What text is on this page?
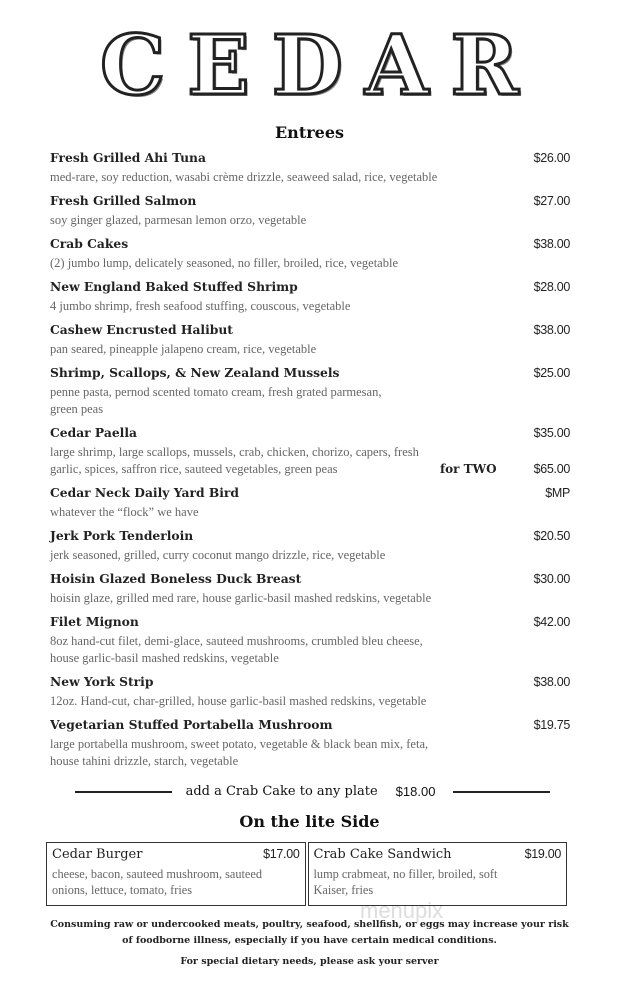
CEDAR
Entrees
Fresh Grilled Ahi Tuna	$26.00
med-rare, soy reduction, wasabi crème drizzle, seaweed salad, rice, vegetable
Fresh Grilled Salmon	$27.00
soy ginger glazed, parmesan lemon orzo, vegetable
Crab Cakes	$38.00
(2) jumbo lump, delicately seasoned, no filler, broiled, rice, vegetable
New England Baked Stuffed Shrimp	$28.00
4 jumbo shrimp, fresh seafood stuffing, couscous, vegetable
Cashew Encrusted Halibut	$38.00
pan seared, pineapple jalapeno cream, rice, vegetable
Shrimp, Scallops, & New Zealand Mussels	$25.00
penne pasta, pernod scented tomato cream, fresh grated parmesan,
green peas
Cedar Paella	$35.00
large shrimp, large scallops, mussels, crab, chicken, chorizo, capers, fresh
garlic, spices, saffron rice, sauteed vegetables, green peas	for TWO	$65.00
Cedar Neck Daily Yard Bird	$MP
whatever the “flock” we have
Jerk Pork Tenderloin	$20.50
jerk seasoned, grilled, curry coconut mango drizzle, rice, vegetable
Hoisin Glazed Boneless Duck Breast	$30.00
hoisin glaze, grilled med rare, house garlic-basil mashed redskins, vegetable
Filet Mignon	$42.00
8oz hand-cut filet, demi-glace, sauteed mushrooms, crumbled bleu cheese,
house garlic-basil mashed redskins, vegetable
New York Strip	$38.00
12oz. Hand-cut, char-grilled, house garlic-basil mashed redskins, vegetable
Vegetarian Stuffed Portabella Mushroom	$19.75
large portabella mushroom, sweet potato, vegetable & black bean mix, feta,
house tahini drizzle, starch, vegetable
add a Crab Cake to any plate $18.00
On the lite Side
Cedar Burger	$17.00
cheese, bacon, sauteed mushroom, sauteed
onions, lettuce, tomato, fries
Crab Cake Sandwich	$19.00
lump crabmeat, no filler, broiled, soft
Kaiser, fries
menupix
Consuming raw or undercooked meats, poultry, seafood, shellfish, or eggs may increase your risk
of foodborne illness, especially if you have certain medical conditions.
For special dietary needs, please ask your server
